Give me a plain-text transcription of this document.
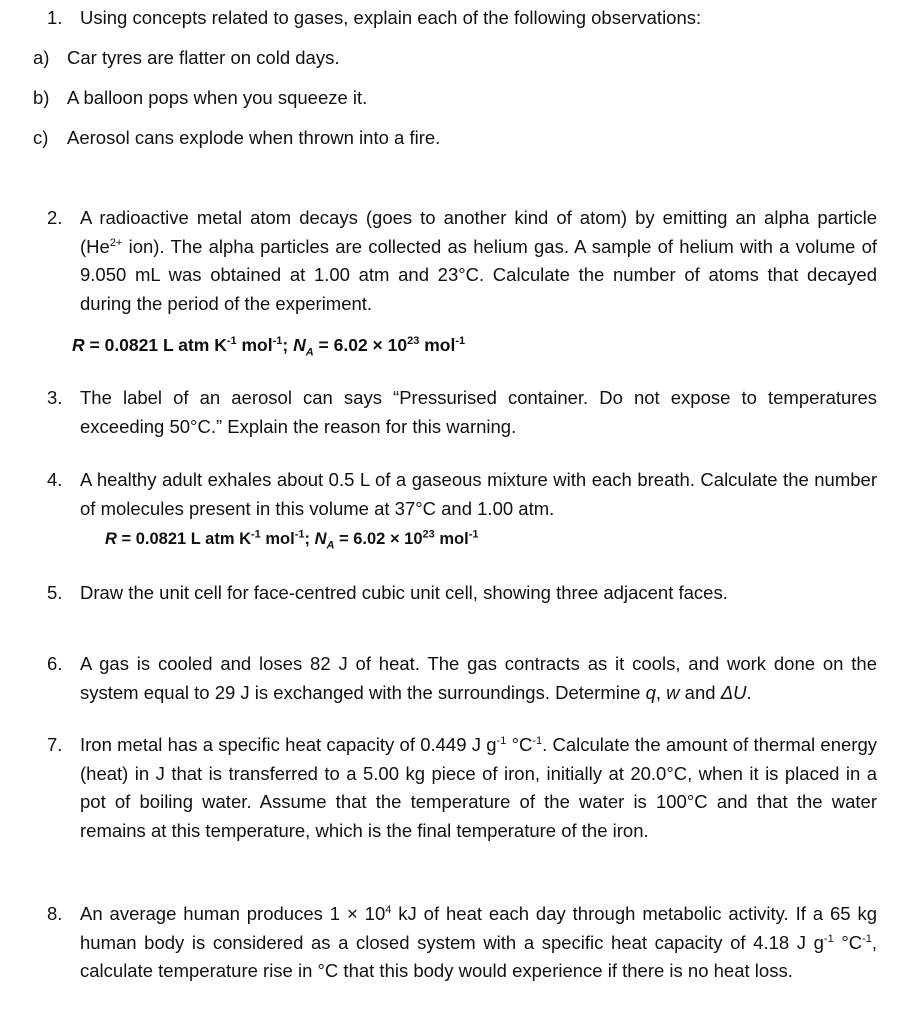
1. Using concepts related to gases, explain each of the following observations:
a) Car tyres are flatter on cold days.
b) A balloon pops when you squeeze it.
c)	Aerosol cans explode when thrown into a fire.
2. A radioactive metal atom decays (goes to another kind of atom) by emitting an alpha particle ($He^{2+}$ ion). The alpha particles are collected as helium gas. A sample of helium with a volume of 9.050 mL was obtained at 1.00 atm and 23°C. Calculate the number of atoms that decayed during the period of the experiment.
R = 0.0821 L atm $K^{-1}$ mol$^{-1}$; $N_A = 6.02 \times 10^{23}$ mol$^{-1}$
3. The label of an aerosol can says “Pressurised container. Do not expose to temperatures exceeding 50°C.” Explain the reason for this warning.
4. A healthy adult exhales about 0.5 L of a gaseous mixture with each breath. Calculate the number of molecules present in this volume at 37°C and 1.00 atm.
R = 0.0821 L atm $K^{-1}$ mol$^{-1}$; $N_A = 6.02 \times 10^{23}$ mol$^{-1}$
5. Draw the unit cell for face-centred cubic unit cell, showing three adjacent faces.
6. A gas is cooled and loses 82 J of heat. The gas contracts as it cools, and work done on the system equal to 29 J is exchanged with the surroundings. Determine q, w and ΔU.
7. Iron metal has a specific heat capacity of 0.449 J $g^{-1}$ $^\circ C^{-1}$. Calculate the amount of thermal energy (heat) in J that is transferred to a 5.00 kg piece of iron, initially at 20.0°C, when it is placed in a pot of boiling water. Assume that the temperature of the water is 100°C and that the water remains at this temperature, which is the final temperature of the iron.
8. An average human produces $1 \times 10^4$ kJ of heat each day through metabolic activity. If a 65 kg human body is considered as a closed system with a specific heat capacity of 4.18 J $g^{-1}$ $^\circ C^{-1}$, calculate temperature rise in °C that this body would experience if there is no heat loss.
